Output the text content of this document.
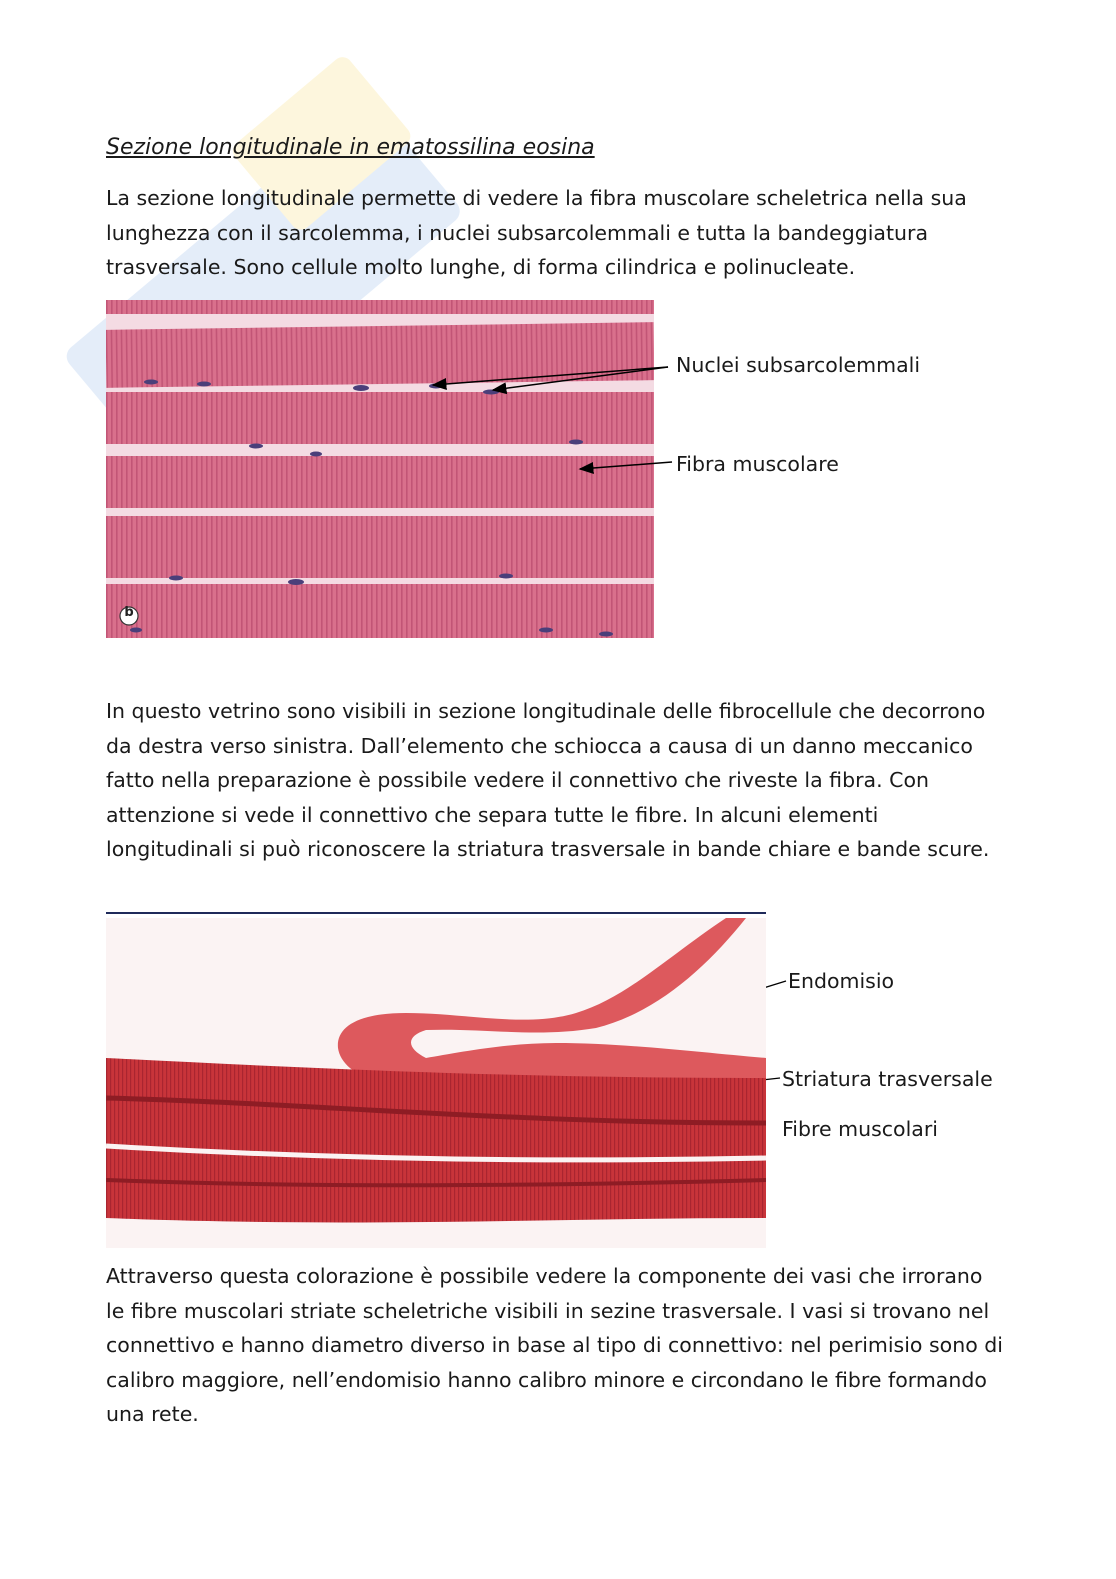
Sezione longitudinale in ematossilina eosina

La sezione longitudinale permette di vedere la fibra muscolare scheletrica nella sua lunghezza con il sarcolemma, i nuclei subsarcolemmali e tutta la bandeggiatura trasversale. Sono cellule molto lunghe, di forma cilindrica e polinucleate.

b
Nuclei subsarcolemmali
Fibra muscolare

In questo vetrino sono visibili in sezione longitudinale delle fibrocellule che decorrono da destra verso sinistra. Dall’elemento che schiocca a causa di un danno meccanico fatto nella preparazione è possibile vedere il connettivo che riveste la fibra. Con attenzione si vede il connettivo che separa tutte le fibre. In alcuni elementi longitudinali si può riconoscere la striatura trasversale in bande chiare e bande scure.

Endomisio
Striatura trasversale
Fibre muscolari

Attraverso questa colorazione è possibile vedere la componente dei vasi che irrorano le fibre muscolari striate scheletriche visibili in sezine trasversale. I vasi si trovano nel connettivo e hanno diametro diverso in base al tipo di connettivo: nel perimisio sono di calibro maggiore, nell’endomisio hanno calibro minore e circondano le fibre formando una rete.
